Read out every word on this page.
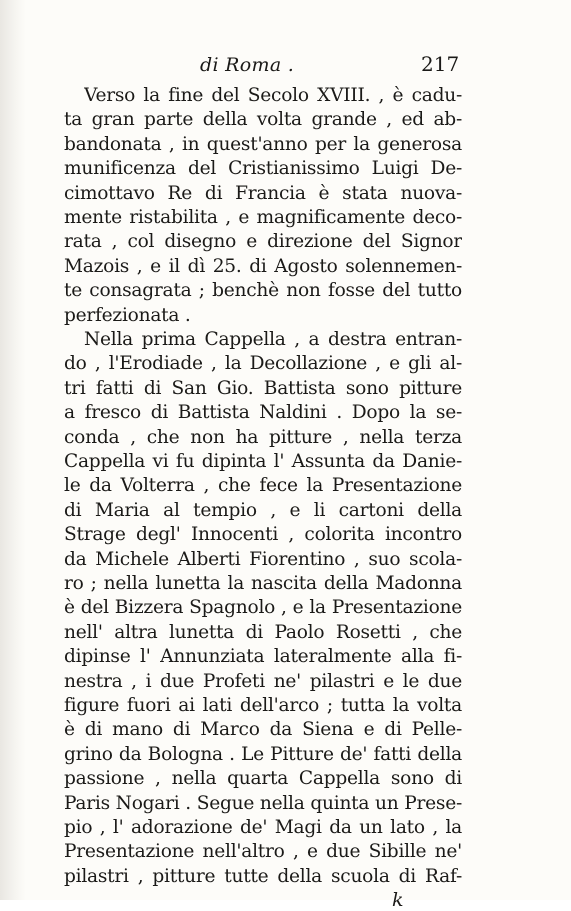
di Roma .	217
Verso la fine del Secolo XVIII. , è cadu-
ta gran parte della volta grande , ed ab-
bandonata , in quest'anno per la generosa
munificenza del Cristianissimo Luigi De-
cimottavo Re di Francia è stata nuova-
mente ristabilita , e magnificamente deco-
rata , col disegno e direzione del Signor
Mazois , e il dì 25. di Agosto solennemen-
te consagrata ; benchè non fosse del tutto
perfezionata .
Nella prima Cappella , a destra entran-
do , l'Erodiade , la Decollazione , e gli al-
tri fatti di San Gio. Battista sono pitture
a fresco di Battista Naldini . Dopo la se-
conda , che non ha pitture , nella terza
Cappella vi fu dipinta l' Assunta da Danie-
le da Volterra , che fece la Presentazione
di Maria al tempio , e li cartoni della
Strage degl' Innocenti , colorita incontro
da Michele Alberti Fiorentino , suo scola-
ro ; nella lunetta la nascita della Madonna
è del Bizzera Spagnolo , e la Presentazione
nell' altra lunetta di Paolo Rosetti , che
dipinse l' Annunziata lateralmente alla fi-
nestra , i due Profeti ne' pilastri e le due
figure fuori ai lati dell'arco ; tutta la volta
è di mano di Marco da Siena e di Pelle-
grino da Bologna . Le Pitture de' fatti della
passione , nella quarta Cappella sono di
Paris Nogari . Segue nella quinta un Prese-
pio , l' adorazione de' Magi da un lato , la
Presentazione nell'altro , e due Sibille ne'
pilastri , pitture tutte della scuola di Raf-
k
